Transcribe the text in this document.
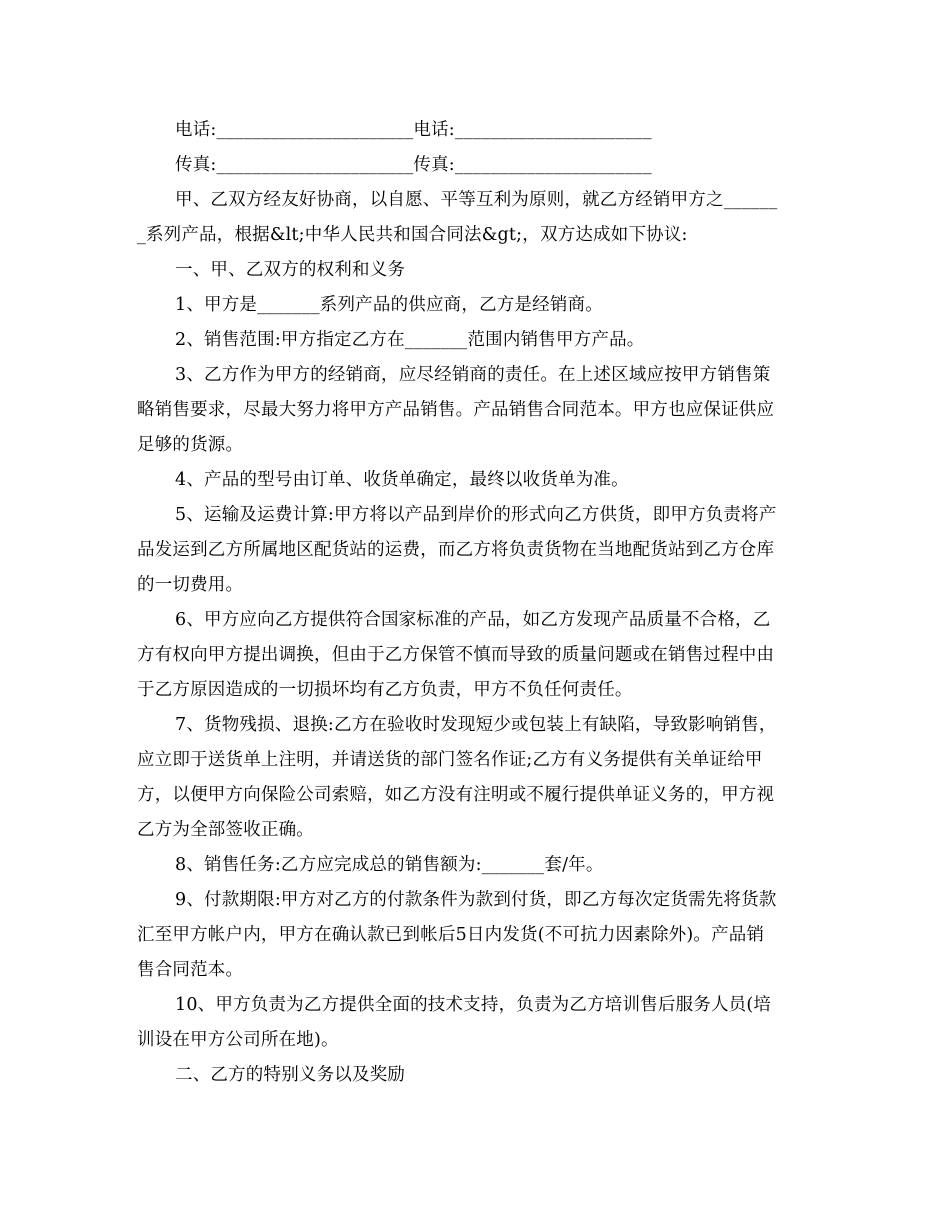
电话:______________________电话:______________________
传真:______________________传真:______________________
甲、乙双方经友好协商，以自愿、平等互利为原则，就乙方经销甲方之______
_系列产品，根据&lt;中华人民共和国合同法&gt;，双方达成如下协议:
一、甲、乙双方的权利和义务
1、甲方是_______系列产品的供应商，乙方是经销商。
2、销售范围:甲方指定乙方在_______范围内销售甲方产品。
3、乙方作为甲方的经销商，应尽经销商的责任。在上述区域应按甲方销售策
略销售要求，尽最大努力将甲方产品销售。产品销售合同范本。甲方也应保证供应
足够的货源。
4、产品的型号由订单、收货单确定，最终以收货单为准。
5、运输及运费计算:甲方将以产品到岸价的形式向乙方供货，即甲方负责将产
品发运到乙方所属地区配货站的运费，而乙方将负责货物在当地配货站到乙方仓库
的一切费用。
6、甲方应向乙方提供符合国家标准的产品，如乙方发现产品质量不合格，乙
方有权向甲方提出调换，但由于乙方保管不慎而导致的质量问题或在销售过程中由
于乙方原因造成的一切损坏均有乙方负责，甲方不负任何责任。
7、货物残损、退换:乙方在验收时发现短少或包装上有缺陷，导致影响销售，
应立即于送货单上注明，并请送货的部门签名作证;乙方有义务提供有关单证给甲
方，以便甲方向保险公司索赔，如乙方没有注明或不履行提供单证义务的，甲方视
乙方为全部签收正确。
8、销售任务:乙方应完成总的销售额为:_______套/年。
9、付款期限:甲方对乙方的付款条件为款到付货，即乙方每次定货需先将货款
汇至甲方帐户内，甲方在确认款已到帐后5日内发货(不可抗力因素除外)。产品销
售合同范本。
10、甲方负责为乙方提供全面的技术支持，负责为乙方培训售后服务人员(培
训设在甲方公司所在地)。
二、乙方的特别义务以及奖励
